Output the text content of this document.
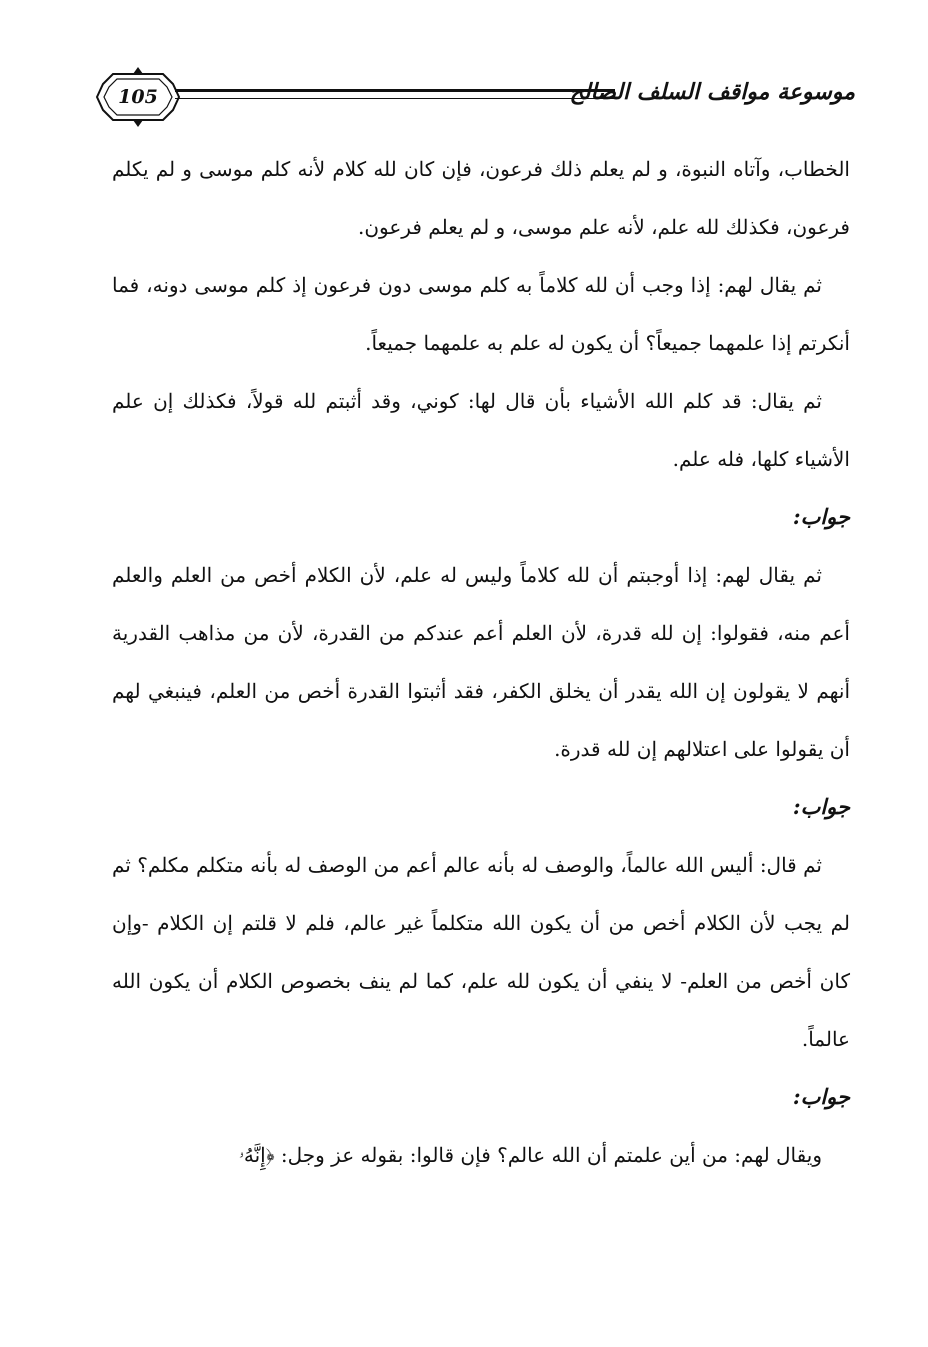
105	موسوعة مواقف السلف الصالح

الخطاب، وآتاه النبوة، و لم يعلم ذلك فرعون، فإن كان لله كلام لأنه كلم موسى و لم يكلم فرعون، فكذلك لله علم، لأنه علم موسى، و لم يعلم فرعون.

ثم يقال لهم: إذا وجب أن لله كلاماً به كلم موسى دون فرعون إذ كلم موسى دونه، فما أنكرتم إذا علمهما جميعاً؟ أن يكون له علم به علمهما جميعاً.

ثم يقال: قد كلم الله الأشياء بأن قال لها: كوني، وقد أثبتم لله قولاً، فكذلك إن علم الأشياء كلها، فله علم.

جواب:

ثم يقال لهم: إذا أوجبتم أن لله كلاماً وليس له علم، لأن الكلام أخص من العلم والعلم أعم منه، فقولوا: إن لله قدرة، لأن العلم أعم عندكم من القدرة، لأن من مذاهب القدرية أنهم لا يقولون إن الله يقدر أن يخلق الكفر، فقد أثبتوا القدرة أخص من العلم، فينبغي لهم أن يقولوا على اعتلالهم إن لله قدرة.

جواب:

ثم قال: أليس الله عالماً، والوصف له بأنه عالم أعم من الوصف له بأنه متكلم مكلم؟ ثم لم يجب لأن الكلام أخص من أن يكون الله متكلماً غير عالم، فلم لا قلتم إن الكلام -وإن كان أخص من العلم- لا ينفي أن يكون لله علم، كما لم ينف بخصوص الكلام أن يكون الله عالماً.

جواب:

ويقال لهم: من أين علمتم أن الله عالم؟ فإن قالوا: بقوله عز وجل: ﴿إِنَّهُۥ
